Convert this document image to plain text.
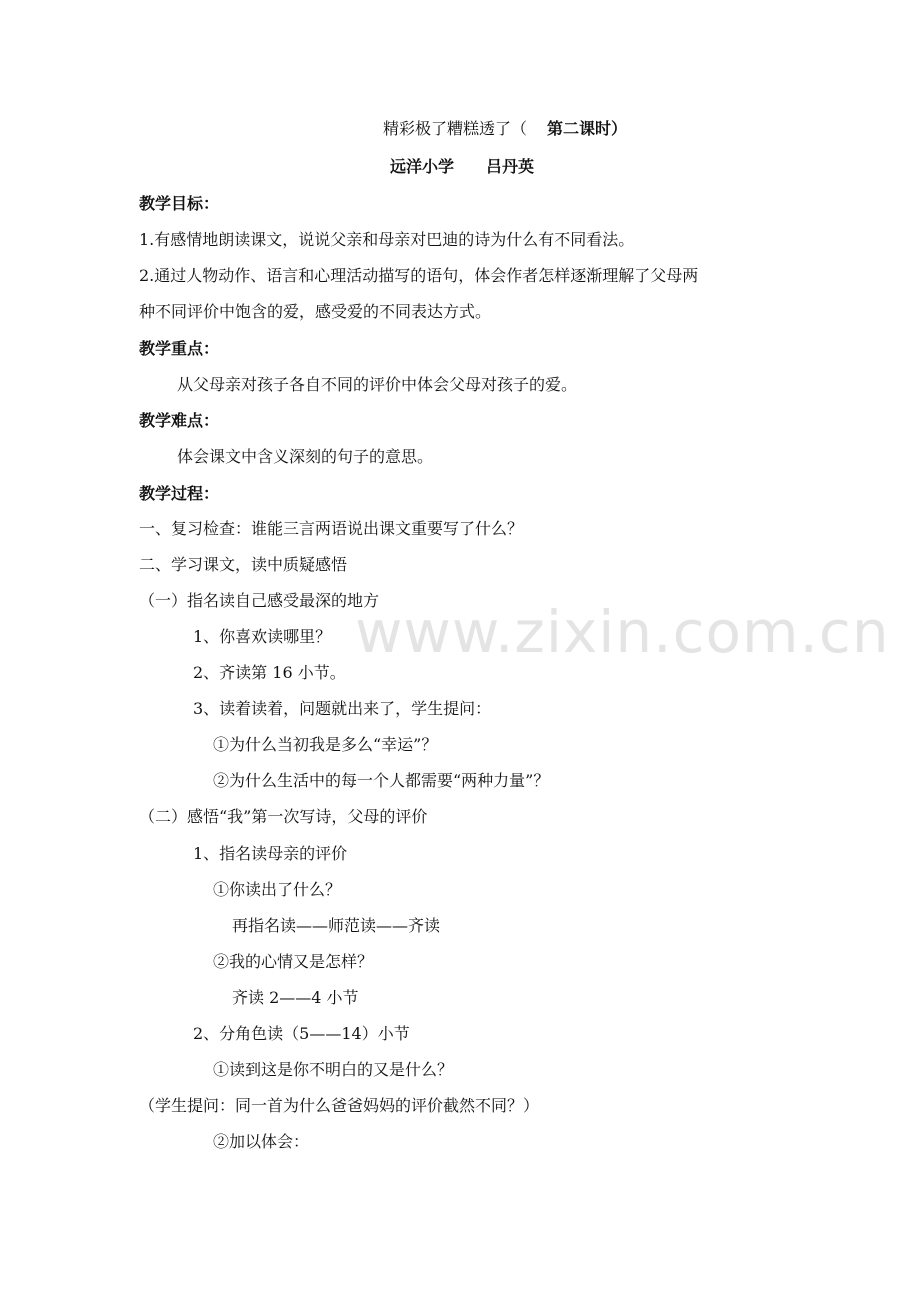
精彩极了糟糕透了（ 第二课时）
远洋小学　　吕丹英
教学目标：
1.有感情地朗读课文，说说父亲和母亲对巴迪的诗为什么有不同看法。
2.通过人物动作、语言和心理活动描写的语句，体会作者怎样逐渐理解了父母两
种不同评价中饱含的爱，感受爱的不同表达方式。
教学重点：
从父母亲对孩子各自不同的评价中体会父母对孩子的爱。
教学难点：
体会课文中含义深刻的句子的意思。
教学过程：
一、复习检查：谁能三言两语说出课文重要写了什么？
二、学习课文，读中质疑感悟
（一）指名读自己感受最深的地方
1、你喜欢读哪里？
2、齐读第 16 小节。
3、读着读着，问题就出来了，学生提问：
①为什么当初我是多么“幸运”？
②为什么生活中的每一个人都需要“两种力量”？
（二）感悟“我”第一次写诗，父母的评价
1、指名读母亲的评价
①你读出了什么？
再指名读——师范读——齐读
②我的心情又是怎样？
齐读 2——4 小节
2、分角色读（5——14）小节
①读到这是你不明白的又是什么？
（学生提问：同一首为什么爸爸妈妈的评价截然不同？）
②加以体会：
www.zixin.com.cn
